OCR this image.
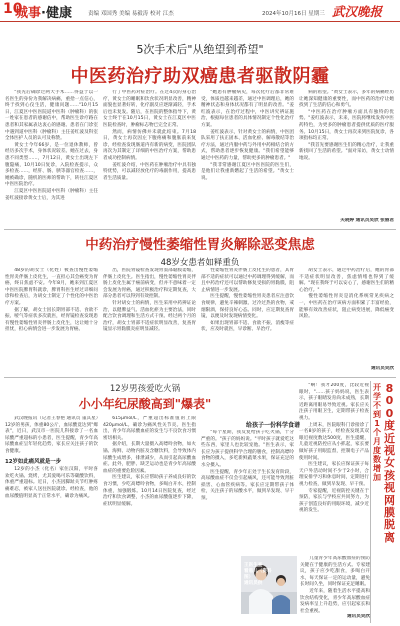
10
城事·健康	责编 邓国秀 美编 易毅涛 校对 江杰	2024年10月16日 星期三 武汉晚报
5次手术后"从绝望到希望"
中医药治疗助双癌患者驱散阴霾

"我先后确诊过两大手术……得益于以一名医生的身份为我解决病痛，重拾一点信心，终于找到心仪生活，健康问题……"10月15日，江夏区中医医院道中医科（肿瘤科）的张一姓家在患者的感谢信中，帮助医生诊疗路在患者和其家属表达衷心的感谢。患者在门诊室中遇到道中医科（肿瘤科）主任姜红波及科室全体医护人员的认可及称赞。

黄女士今年66岁，是一位退休教师，曾经历多次手术，身体状况较差。她在过去，身患不同类型……，7月12日，黄女士出现左下腹隐痛，10月10日复诊，入院检查提示，众多检查……，经肝、肠、胰等器官检查……，她被确诊，随机的医师的帮助下，转往江夏区中医医院治疗。

江夏区中医医院道中医科（肿瘤科）主任姜红波接诊黄女士后，为其进

行了中医药对症治疗。在过4次的身心治疗，黄女士的睡眠和饮食状况明显改善，精神面貌也显著好转，化疗副反应逐渐减轻，手术后也未复发。随后，在医院的整体指导下，黄女士终于在10月15日，黄女士在江夏区中医医院检查时，肿瘤标志物已完全正常。

然而，病情仿佛并未就此结束。7月18日，黄女士再次因左下腹疼痛和腹胀前来复诊，经检查发现肠道内有新的病变，医院团队再次为其制定了详细的中医治疗方案，帮助患者成功控制病情。

姜红波介绍，中医药在肿瘤治疗中具有独特优势，可以减轻放化疗的毒副作用，提高患者生活质量。

"她患有肿瘤病史，每次化疗后都非常难受，体质也越来越差，通过中医调理后，她的精神状态和身体状况都有了明显的改善。"姜红波表示，在治疗过程中，中医讲究辨证施治，根据每位患者的具体情况制定个性化治疗方案。

姜红波表示，针对黄女士的病情，中医团队采用了扶正固本、活血化瘀、解毒散结等治疗方法，通过内服中药与外用中药相结合的方式，帮助患者逐步恢复健康。"我们希望能够通过中医药的力量，帮助更多的肿瘤患者。"

"我非常感谢江夏区中医医院的医生们，是他们让我重新燃起了生活的希望。"黄女士说。

病的希望。"黄女士表示，多年的病痛经历让她深知健康的重要性，而中医药的治疗让她找到了生活的信心和勇气。

"中医药在治疗肿瘤方面具有独特的优势。"姜红波表示，未来，医院将继续发挥中医药特色，为更多的肿瘤患者提供优质的医疗服务。10月15日，黄女士再次来到医院复诊，各项指标均正常。

"我首先要感谢医生们的精心治疗，让我重新找回了生活的希望。"面对采访，黄女士动情地说。

关晓婷 通讯员吴欣 张丽君
中药治疗慢性萎缩性胃炎解除恶变焦虑
48岁女患者如释重负

48岁的胡女士（化姓）被查出慢性萎缩性胃炎伴肠上皮化生，一直担心其会癌变为胃癌，终日焦虑不安。今年8月，她来到江夏区中医医院脾胃科就诊，脾胃科医生经过详细问诊和检查后，为胡女士制定了个性化的中医治疗方案。

据了解，胡女士因长期胃部不适、食欲不振、嗳气等症状多次就医，经胃镜检查发现患有慢性萎缩性胃炎伴肠上皮化生，这让她十分担忧，担心病情会进一步发展为胃癌。

出，医院胃镜检查发现胃窦部黏膜萎缩，伴肠上皮化生。医生指出，慢性萎缩性胃炎伴肠上皮化生属于癌前病变，但并不意味着一定会发展为胃癌，通过积极治疗和定期复查，大部分患者可以得到有效控制。

针对胡女士的病情，医生采用中药辨证论治，以健脾益气、活血化瘀为主要治法，同时配合饮食调理和生活方式干预。经过两个月的治疗，胡女士胃部不适症状明显改善，复查胃镜显示胃黏膜炎症明显减轻。

性萎缩性胃炎伴肠上皮化生的患者，其胃部不适的症状可以通过中药调理得到缓解，而且中药治疗还可以帮助修复受损的胃黏膜，阻止病情进一步发展。

医生提醒，慢性萎缩性胃炎患者应注意饮食规律，避免辛辣刺激、过冷过热的食物，戒烟限酒，保持良好心态。同时，应定期复查胃镜，以便及时发现病情变化。

如果出现胃部不适、食欲不振、消瘦等症状，应及时就医，早诊断、早治疗。

胡女士表示，通过中药治疗后，她的胃部不适症状明显改善，焦虑情绪也得到了缓解。"现在我终于可以安心了，感谢医生们的精心治疗。"

慢性萎缩性胃炎是消化系统常见疾病之一，中医药在治疗该病方面积累了丰富经验，能够有效改善症状，阻止病变进展，降低癌变风险。

通讯员吴欣
12岁男孩爱吃火锅
小小年纪尿酸高到"爆表"

武汉晚报讯（记者王春艳 通讯员 董其星）12岁的男孩，体重80公斤，血尿酸竟达到"爆表"，近日，武汉市一医院儿科接诊了一名血尿酸严重超标的小患者，医生提醒，青少年高尿酸血症呈年轻化趋势，家长应关注孩子的饮食健康。

12岁如此痛风就是一步

12岁的小杰（化名）家住汉阳，平时喜欢吃火锅、烧烤，尤其爱喝可乐等碳酸饮料，体重严重超标。近日，小杰因脚趾关节红肿疼痛难忍，被家人送往医院就诊。经检查，他的血尿酸值明显高于正常水平，确诊为痛风。

615μmol/L，严重超出标准值的上限420μmol/L。确诊为痛风性关节炎。医生指出，青少年高尿酸血症的发生与不良饮食习惯密切相关。

据介绍，长期大量摄入高嘌呤食物，如火锅、海鲜、动物内脏及含糖饮料，会导致体内尿酸生成增多，排泄减少，从而引起高尿酸血症。此外，肥胖、缺乏运动也是青少年高尿酸血症的重要危险因素。

医生建议，家长应帮助孩子养成良好的饮食习惯，少吃高嘌呤食物，多喝白开水，控制体重，加强锻炼。10月14日医院复查，经过治疗和饮食调整，小杰的血尿酸值逐步下降，症状明显缓解。

给孩子一份科学食谱

"每个星期，我反复给孩子吃火锅，十分严重的。"孩子的妈妈说。"平时孩子就爱吃这些东西，家里人也比较宠他。"医生表示，家长应为孩子提供科学合理的膳食，控制高嘌呤食物的摄入，多吃新鲜蔬菜水果，保证充足的水分摄入。

医生提醒，青少年正处于生长发育阶段，高尿酸血症不仅会引起痛风，还可能导致肾脏损害、心血管疾病等。家长应定期带孩子体检，关注孩子的尿酸水平，做到早发现、早干预。

儿童青少年高尿酸血症的预防关键在于健康的生活方式。专家建议，孩子应少吃甜食，多喝白开水，每天保证一定的运动量，避免长时间久坐，同时保证充足睡眠。

近年来，随着生活水平提高和饮食结构变化，青少年高尿酸血症发病率呈上升趋势，应引起家长和社会重视。

"啊！我才200度，比较近视眼时，"……孩子妈妈说，医生表示，孩子眼睛发育尚未成熟，长期近距离用眼易导致近视。家长应关注孩子用眼卫生，定期带孩子检查视力。

上周末，医院眼科门诊接诊了一名8岁的孩子，经检查发现其双眼近视度数达500度，医生提醒，儿童近视防控应从小抓起，家长要做好孩子用眼监督，控制电子产品使用时间。

医生建议，家长应保证孩子每天户外活动时间不少于2小时，合理安排学习和休息时间，定期进行视力检查，做到早发现、早干预。

专家提醒，近视防控关键在于预防，家长与学校应共同努力，为孩子创造良好的用眼环境，减少近视的发生。

通讯员吴欣
王医生查
看患儿（资料
图）
通讯员供
开学不到1个月度数增加
800度近视女孩视网膜脱离
